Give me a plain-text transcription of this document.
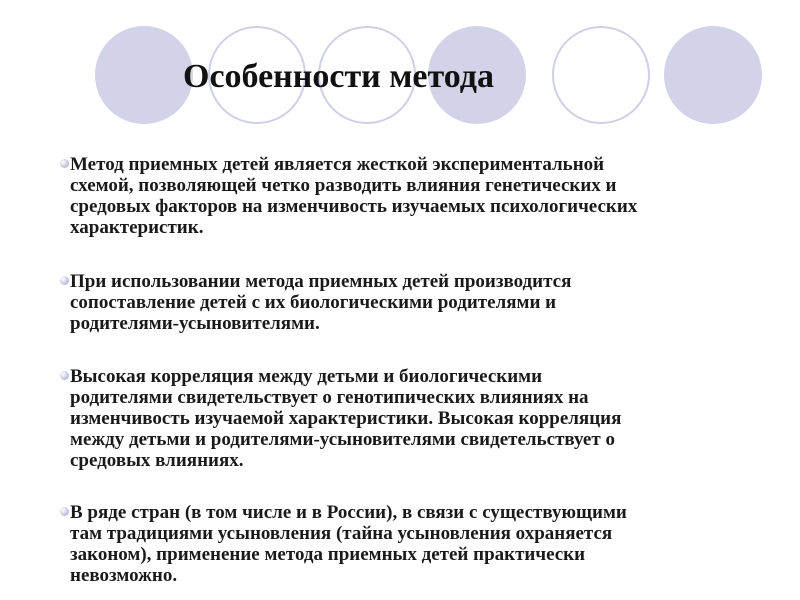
Особенности метода

Метод приемных детей является жесткой экспериментальной
схемой, позволяющей четко разводить влияния генетических и
средовых факторов на изменчивость изучаемых психологических
характеристик.

При использовании метода приемных детей производится
сопоставление детей с их биологическими родителями и
родителями-усыновителями.

Высокая корреляция между детьми и биологическими
родителями свидетельствует о генотипических влияниях на
изменчивость изучаемой характеристики. Высокая корреляция
между детьми и родителями-усыновителями свидетельствует о
средовых влияниях.

В ряде стран (в том числе и в России), в связи с существующими
там традициями усыновления (тайна усыновления охраняется
законом), применение метода приемных детей практически
невозможно.
